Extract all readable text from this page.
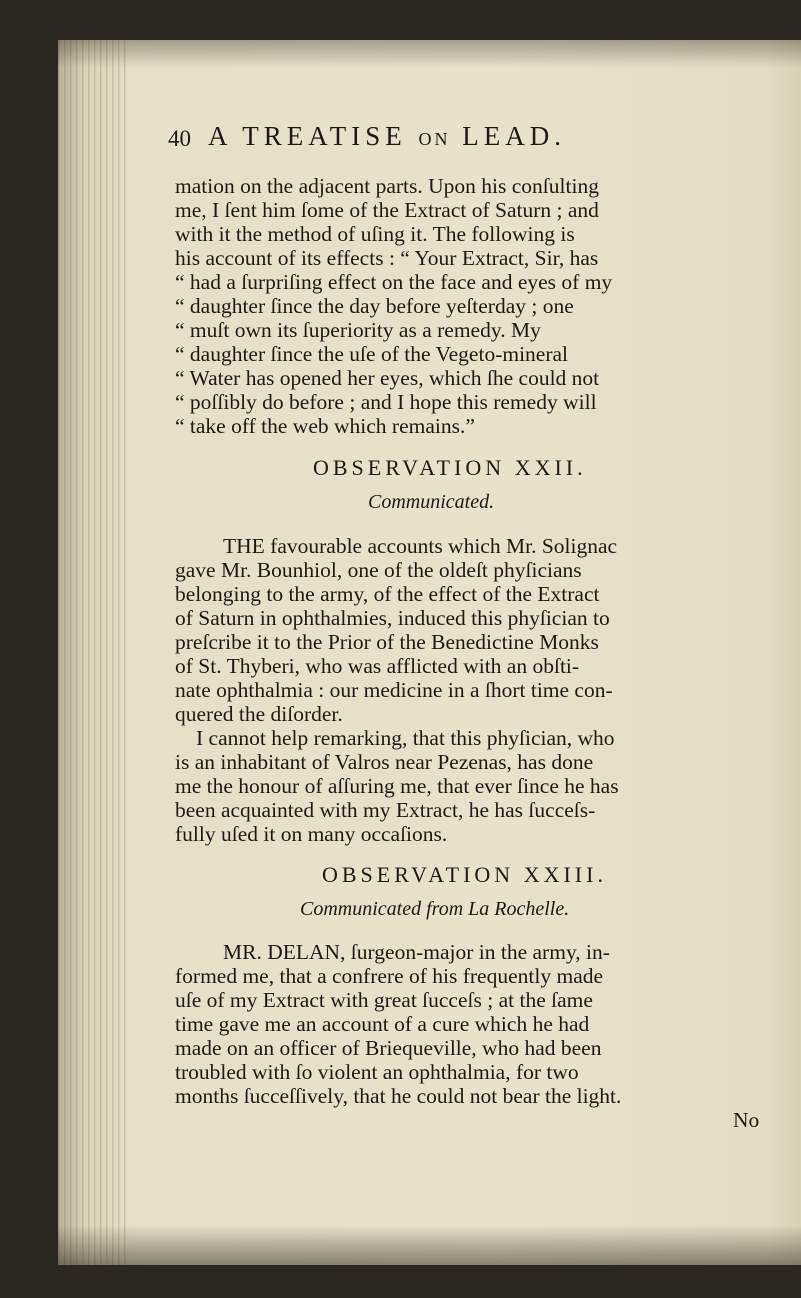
40 A TREATISE ON LEAD.
mation on the adjacent parts. Upon his conſulting
me, I ſent him ſome of the Extract of Saturn ; and
with it the method of uſing it. The following is
his account of its effects : “ Your Extract, Sir, has
“ had a ſurpriſing effect on the face and eyes of my
“ daughter ſince the day before yeſterday ; one
“ muſt own its ſuperiority as a remedy. My
“ daughter ſince the uſe of the Vegeto-mineral
“ Water has opened her eyes, which ſhe could not
“ poſſibly do before ; and I hope this remedy will
“ take off the web which remains.”
OBSERVATION XXII.
Communicated.
THE favourable accounts which Mr. Solignac
gave Mr. Bounhiol, one of the oldeſt phyſicians
belonging to the army, of the effect of the Extract
of Saturn in ophthalmies, induced this phyſician to
preſcribe it to the Prior of the Benedictine Monks
of St. Thyberi, who was afflicted with an obſti-
nate ophthalmia : our medicine in a ſhort time con-
quered the diſorder.
I cannot help remarking, that this phyſician, who
is an inhabitant of Valros near Pezenas, has done
me the honour of aſſuring me, that ever ſince he has
been acquainted with my Extract, he has ſucceſs-
fully uſed it on many occaſions.
OBSERVATION XXIII.
Communicated from La Rochelle.
MR. DELAN, ſurgeon-major in the army, in-
formed me, that a confrere of his frequently made
uſe of my Extract with great ſucceſs ; at the ſame
time gave me an account of a cure which he had
made on an officer of Briequeville, who had been
troubled with ſo violent an ophthalmia, for two
months ſucceſſively, that he could not bear the light.
No
